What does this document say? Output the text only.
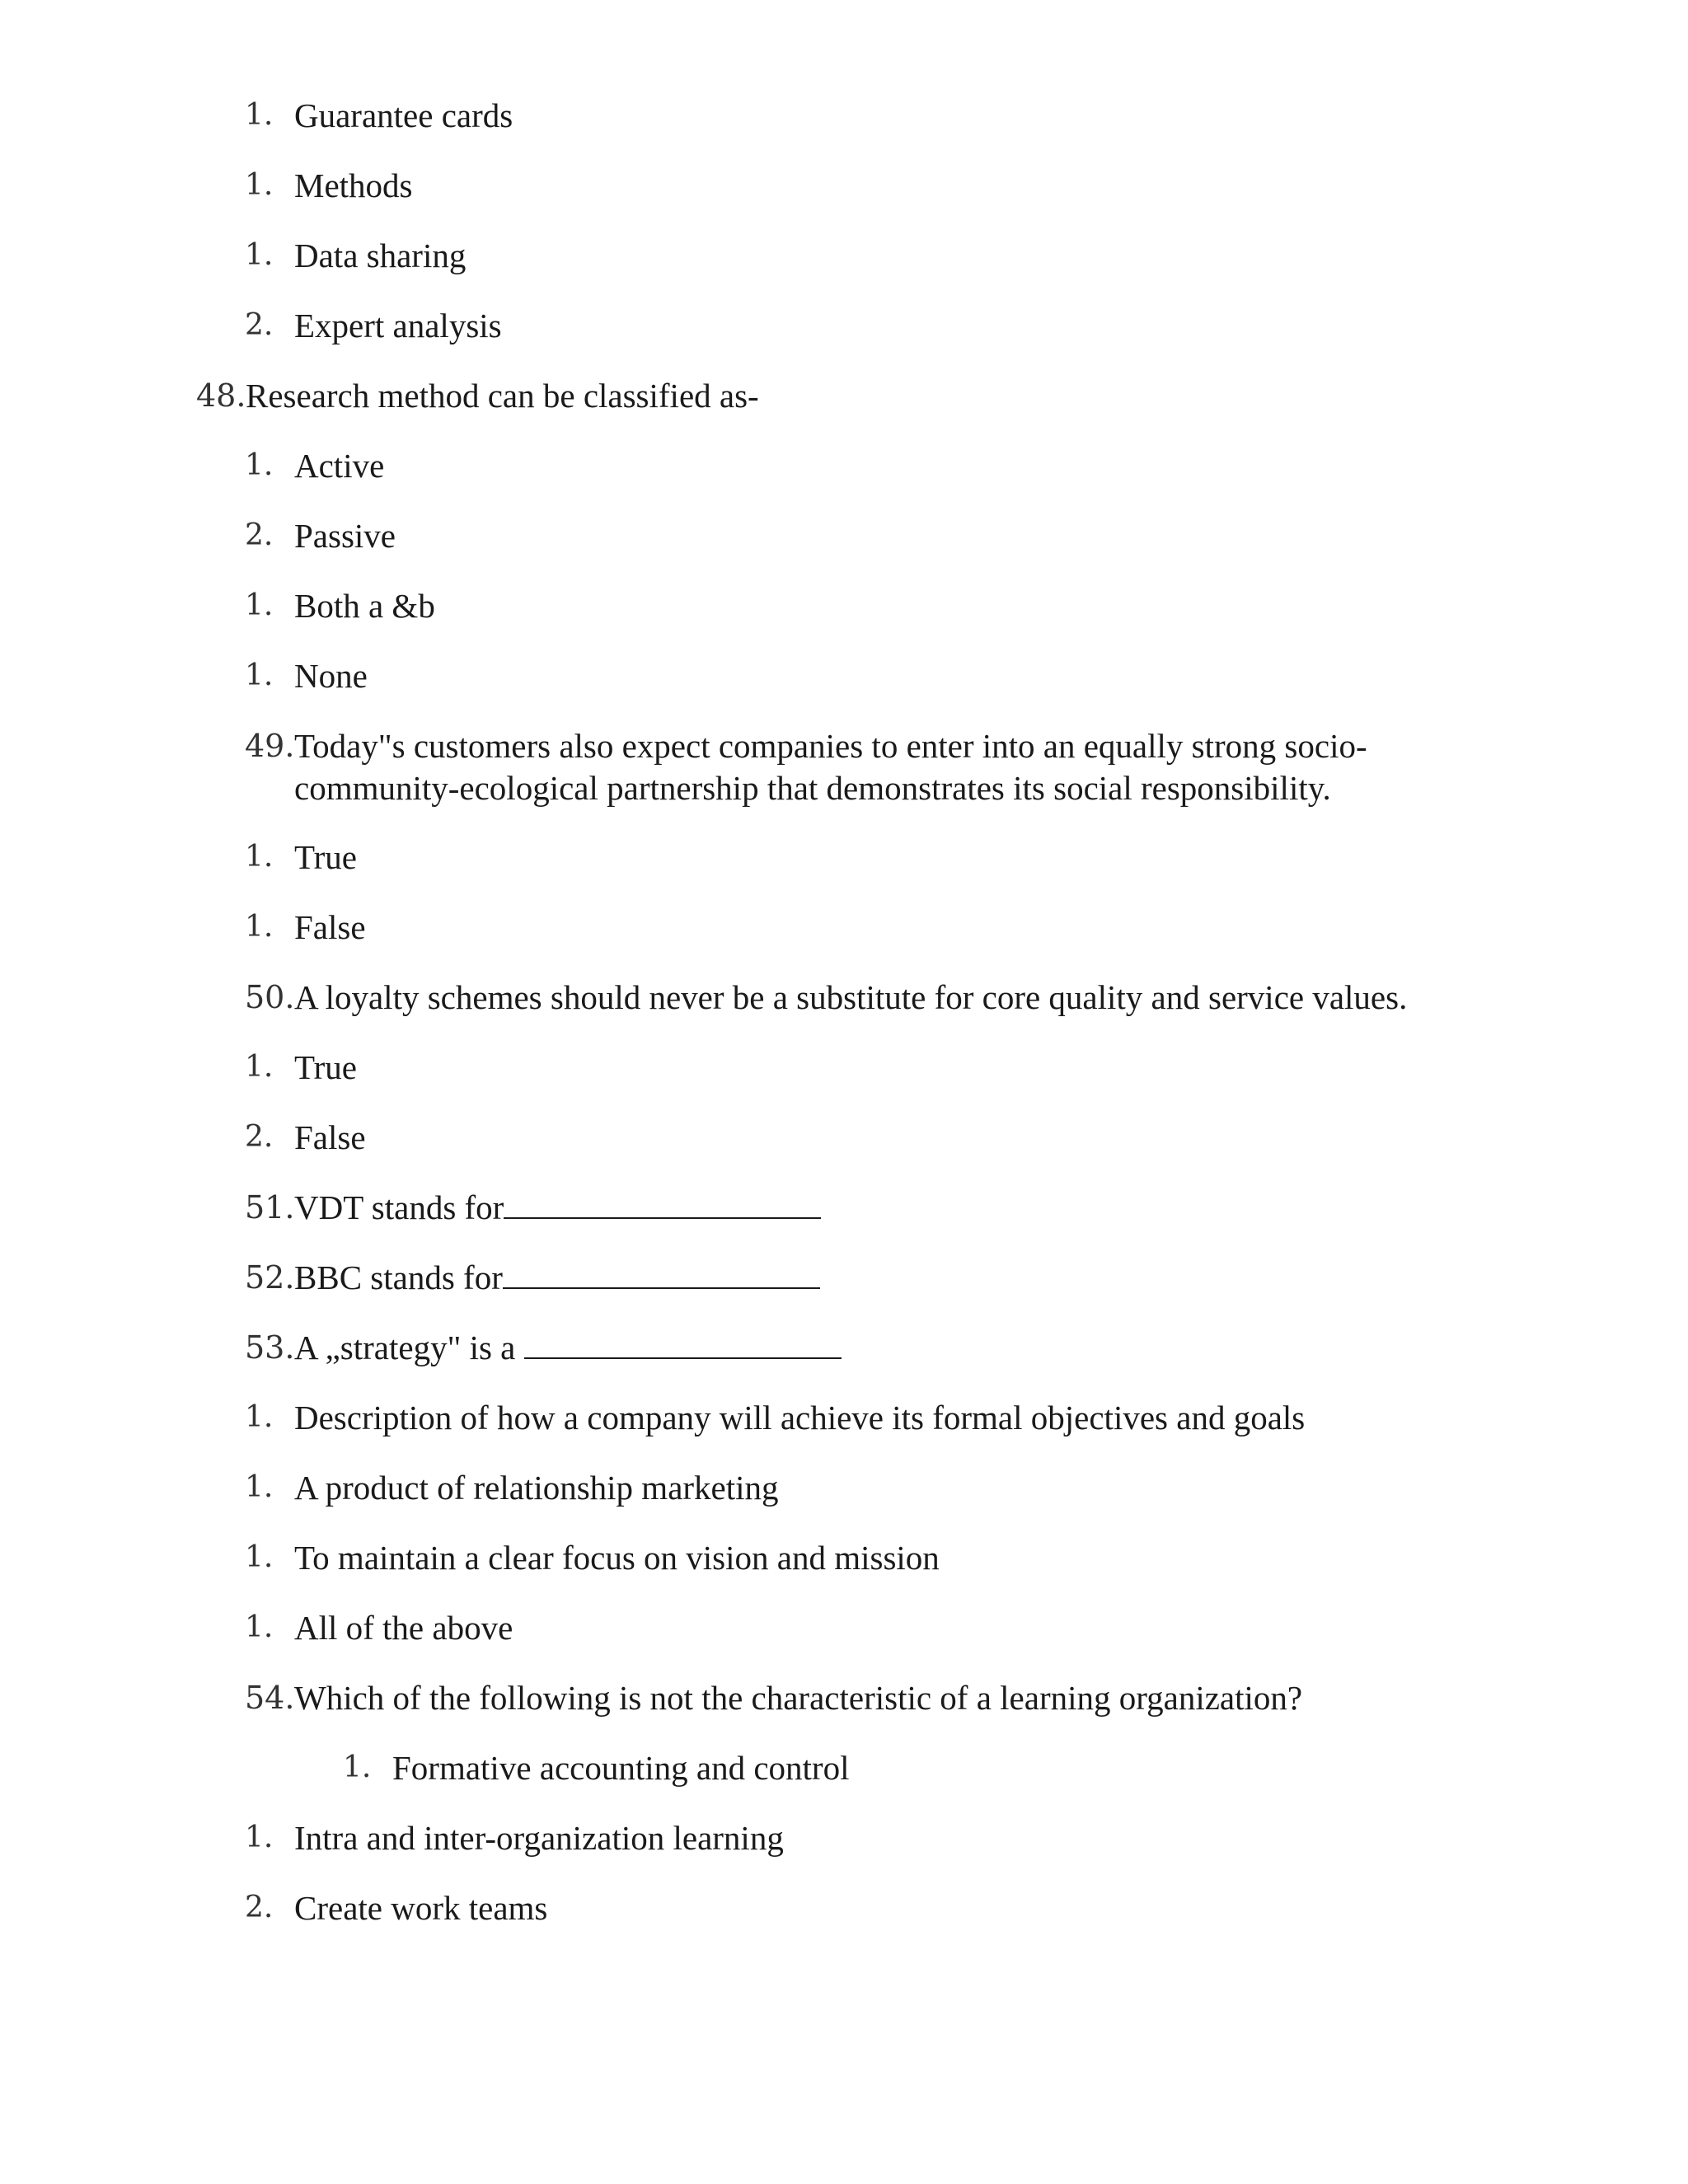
1. Guarantee cards
1. Methods
1. Data sharing
2. Expert analysis
48. Research method can be classified as-
1. Active
2. Passive
1. Both a &b
1. None
49. Today"s customers also expect companies to enter into an equally strong socio-
community-ecological partnership that demonstrates its social responsibility.
1. True
1. False
50. A loyalty schemes should never be a substitute for core quality and service values.
1. True
2. False
51. VDT stands for
52. BBC stands for
53. A „strategy" is a
1. Description of how a company will achieve its formal objectives and goals
1. A product of relationship marketing
1. To maintain a clear focus on vision and mission
1. All of the above
54. Which of the following is not the characteristic of a learning organization?
1. Formative accounting and control
1. Intra and inter-organization learning
2. Create work teams
